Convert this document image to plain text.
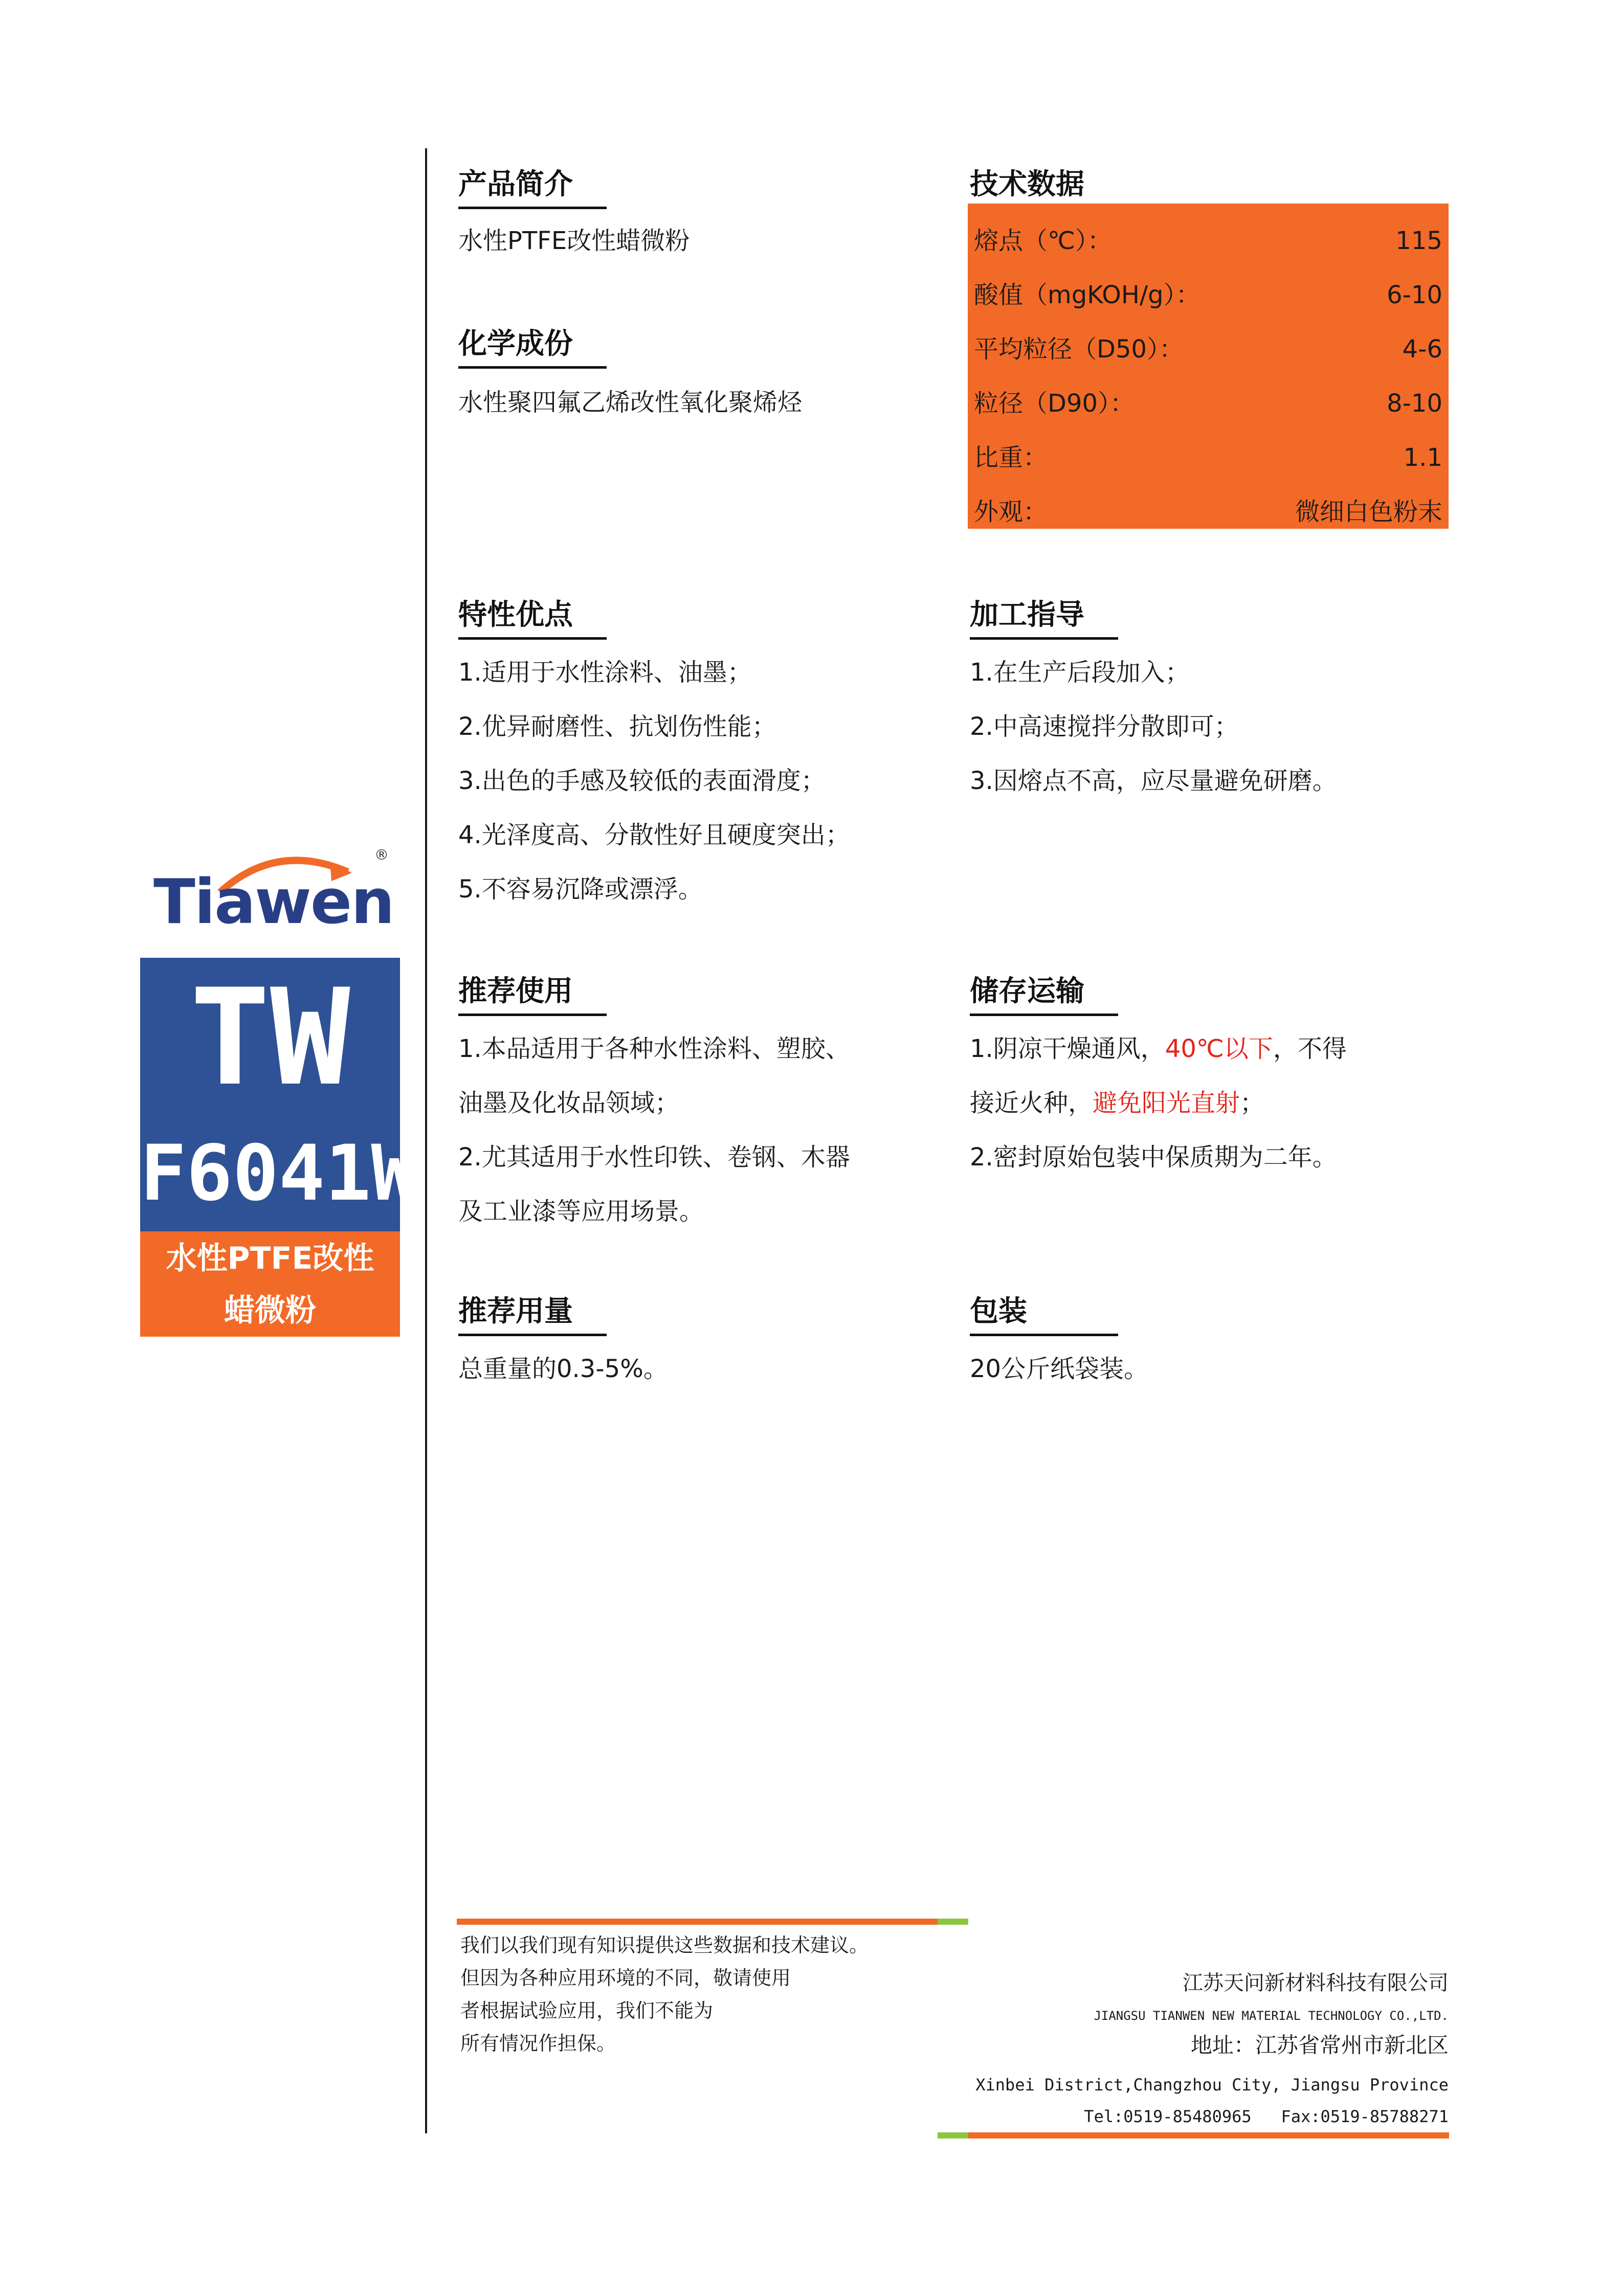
Tiawen
®
TW
F6041W
水性PTFE改性
蜡微粉
产品简介
水性PTFE改性蜡微粉
化学成份
水性聚四氟乙烯改性氧化聚烯烃
技术数据
熔点（℃）：	115
酸值（mgKOH/g）：	6-10
平均粒径（D50）：	4-6
粒径（D90）：	8-10
比重：	1.1
外观：	微细白色粉末
特性优点
1.适用于水性涂料、油墨；
2.优异耐磨性、抗划伤性能；
3.出色的手感及较低的表面滑度；
4.光泽度高、分散性好且硬度突出；
5.不容易沉降或漂浮。
加工指导
1.在生产后段加入；
2.中高速搅拌分散即可；
3.因熔点不高，应尽量避免研磨。
推荐使用
1.本品适用于各种水性涂料、塑胶、
油墨及化妆品领域；
2.尤其适用于水性印铁、卷钢、木器
及工业漆等应用场景。
储存运输
1.阴凉干燥通风，40℃以下，不得
接近火种，避免阳光直射；
2.密封原始包装中保质期为二年。
推荐用量
总重量的0.3-5%。
包装
20公斤纸袋装。
我们以我们现有知识提供这些数据和技术建议。
但因为各种应用环境的不同，敬请使用
者根据试验应用，我们不能为
所有情况作担保。
江苏天问新材料科技有限公司
JIANGSU TIANWEN NEW MATERIAL TECHNOLOGY CO.,LTD.
地址：江苏省常州市新北区
Xinbei District,Changzhou City, Jiangsu Province
Tel:0519-85480965   Fax:0519-85788271
